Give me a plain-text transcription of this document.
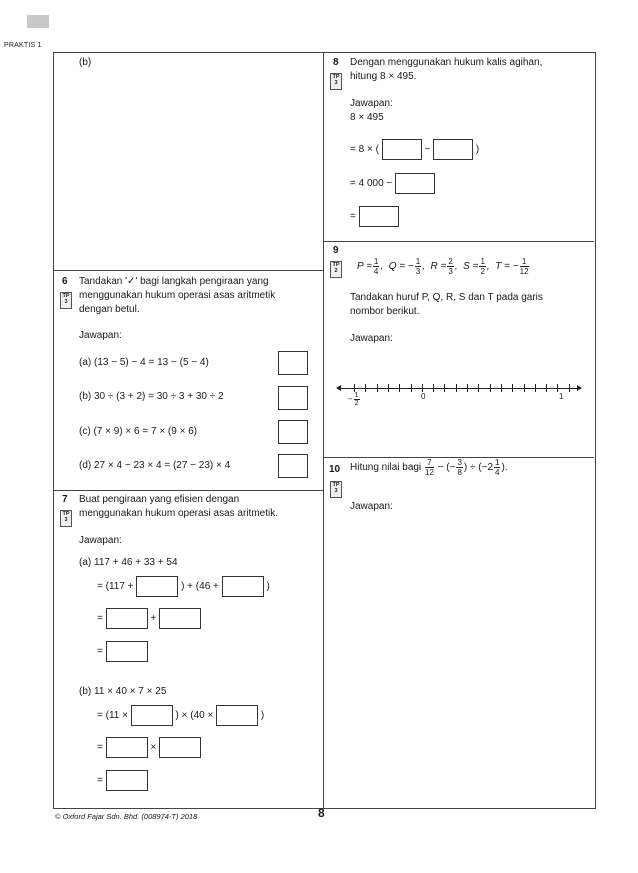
PRAKTIS 1
(b)
6
TP
3
Tandakan '✓' bagi langkah pengiraan yang
menggunakan hukum operasi asas aritmetik
dengan betul.
Jawapan:
(a) (13 − 5) − 4 = 13 − (5 − 4)
(b) 30 ÷ (3 + 2) = 30 ÷ 3 + 30 ÷ 2
(c) (7 × 9) × 6 = 7 × (9 × 6)
(d) 27 × 4 − 23 × 4 = (27 − 23) × 4
7
TP
3
Buat pengiraan yang efisien dengan
menggunakan hukum operasi asas aritmetik.
Jawapan:
(a) 117 + 46 + 33 + 54
= (117 +	) + (46 +	)
=	+
=
(b) 11 × 40 × 7 × 25
= (11 ×	) × (40 ×	)
=	×
=
8
TP
3
Dengan menggunakan hukum kalis agihan,
hitung 8 × 495.
Jawapan:
8 × 495
= 8 × (	−	)
= 4 000 −
=
9
TP
2	$P = \frac{1}{4}$ ,  Q = − $\frac{1}{3}$ ,  $R = \frac{2}{3}$ ,  $S = \frac{1}{2}$ ,  T = − $\frac{1}{12}$
Tandakan huruf P, Q, R, S dan T pada garis
nombor berikut.
Jawapan:
− $\frac{1}{2}$	0	1
10
TP
3
Hitung nilai bagi $\frac{7}{12}$ − (− $\frac{3}{8}$ ) ÷ ($-2 \frac{1}{4}$ ).
Jawapan:
© Oxford Fajar Sdn. Bhd. (008974-T) 2018	8
